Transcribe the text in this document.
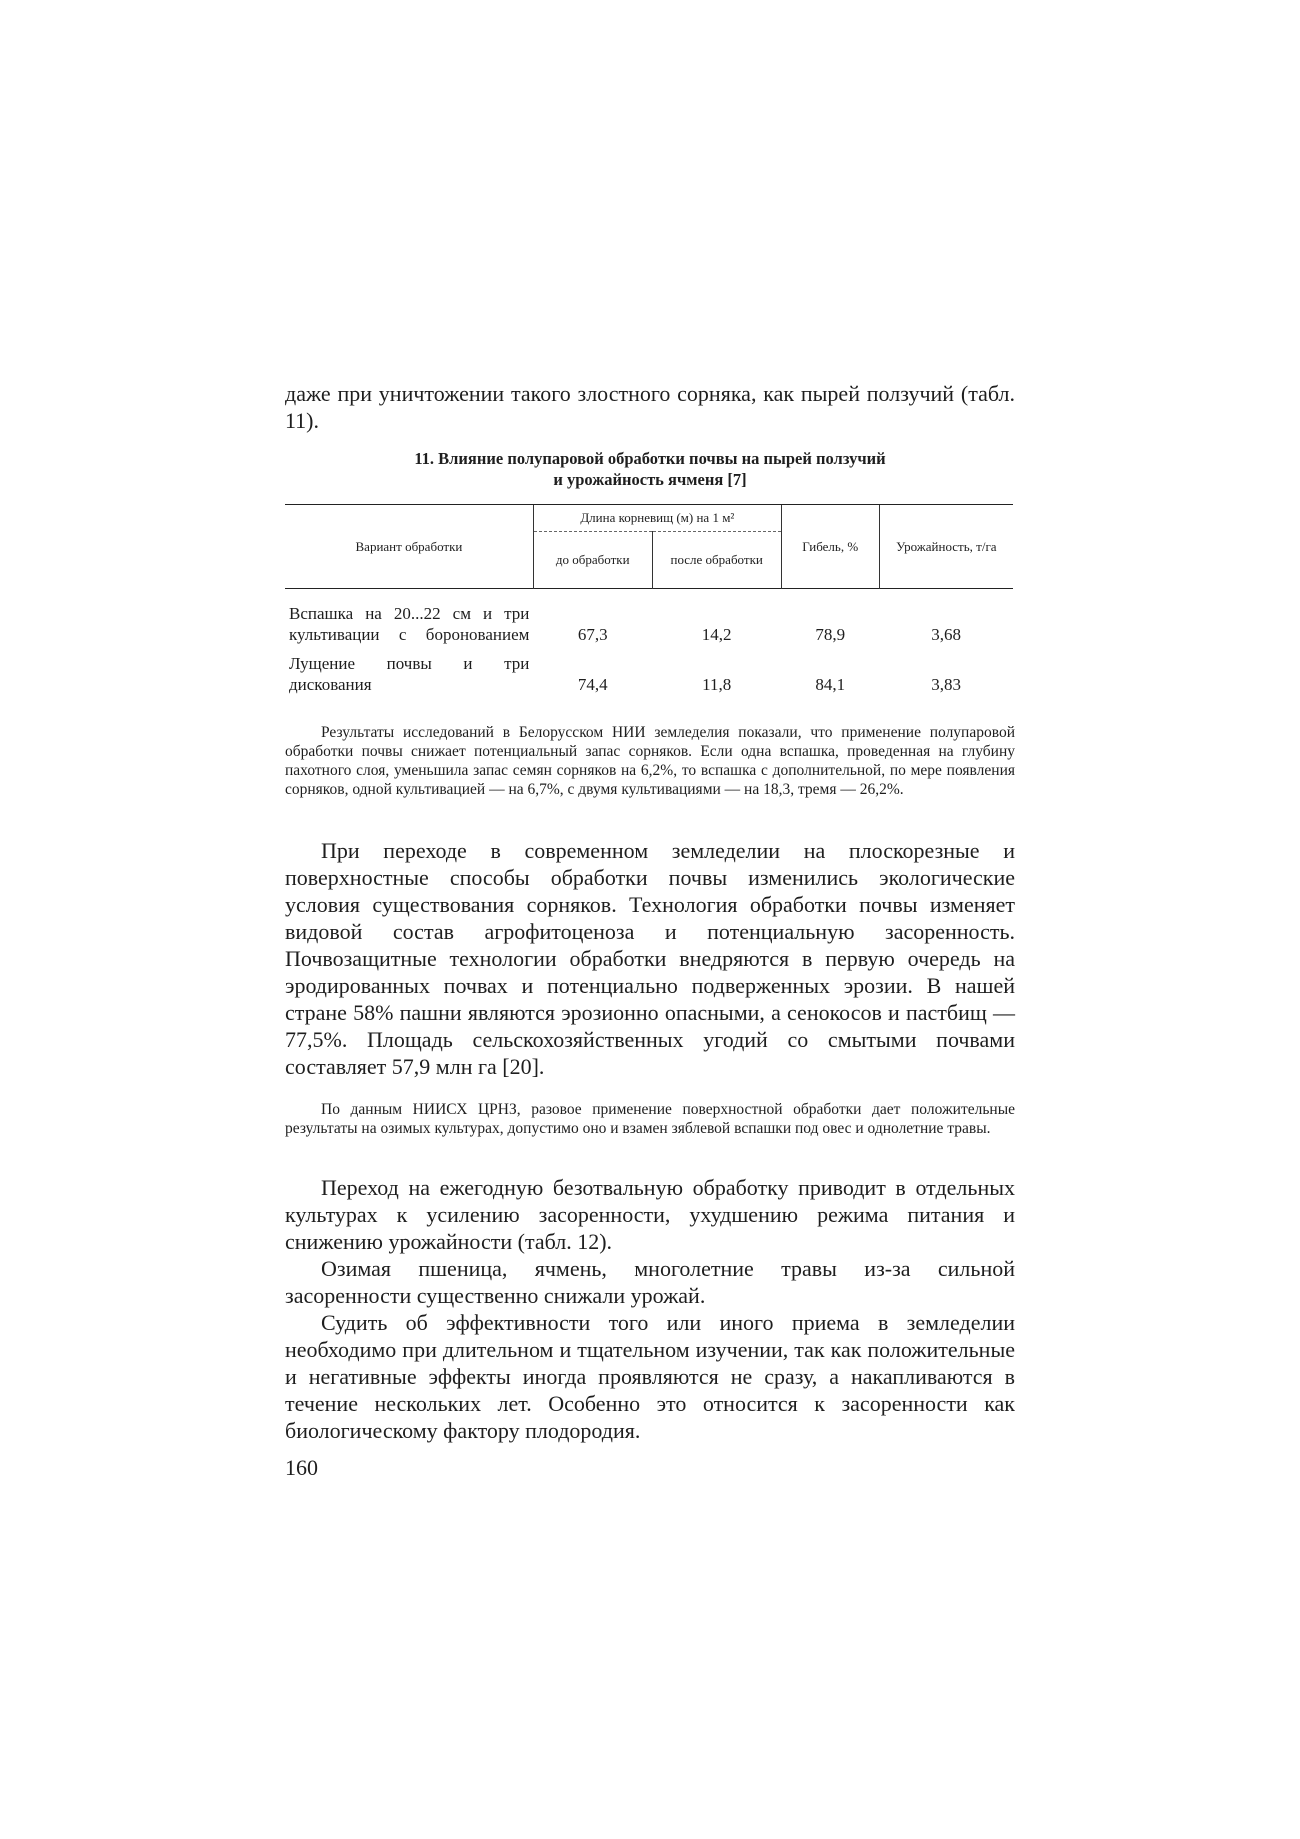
даже при уничтожении такого злостного сорняка, как пырей ползучий (табл. 11).

11. Влияние полупаровой обработки почвы на пырей ползучий
и урожайность ячменя [7]
Вариант обработки	Длина корневищ (м) на 1 м²		Гибель, %	Урожайность, т/га
	до обработки	после обработки		

Вспашка на 20...22 см и три культивации с боронованием	67,3	14,2	78,9	3,68
Лущение почвы и три дискования	74,4	11,8	84,1	3,83

Результаты исследований в Белорусском НИИ земледелия показали, что применение полупаровой обработки почвы снижает потенциальный запас сорняков. Если одна вспашка, проведенная на глубину пахотного слоя, уменьшила запас семян сорняков на 6,2%, то вспашка с дополнительной, по мере появления сорняков, одной культивацией — на 6,7%, с двумя культивациями — на 18,3, тремя — 26,2%.

При переходе в современном земледелии на плоскорезные и поверхностные способы обработки почвы изменились экологические условия существования сорняков. Технология обработки почвы изменяет видовой состав агрофитоценоза и потенциальную засоренность. Почвозащитные технологии обработки внедряются в первую очередь на эродированных почвах и потенциально подверженных эрозии. В нашей стране 58% пашни являются эрозионно опасными, а сенокосов и пастбищ — 77,5%. Площадь сельскохозяйственных угодий со смытыми почвами составляет 57,9 млн га [20].

По данным НИИСХ ЦРНЗ, разовое применение поверхностной обработки дает положительные результаты на озимых культурах, допустимо оно и взамен зяблевой вспашки под овес и однолетние травы.

Переход на ежегодную безотвальную обработку приводит в отдельных культурах к усилению засоренности, ухудшению режима питания и снижению урожайности (табл. 12).

Озимая пшеница, ячмень, многолетние травы из-за сильной засоренности существенно снижали урожай.

Судить об эффективности того или иного приема в земледелии необходимо при длительном и тщательном изучении, так как положительные и негативные эффекты иногда проявляются не сразу, а накапливаются в течение нескольких лет. Особенно это относится к засоренности как биологическому фактору плодородия.

160
